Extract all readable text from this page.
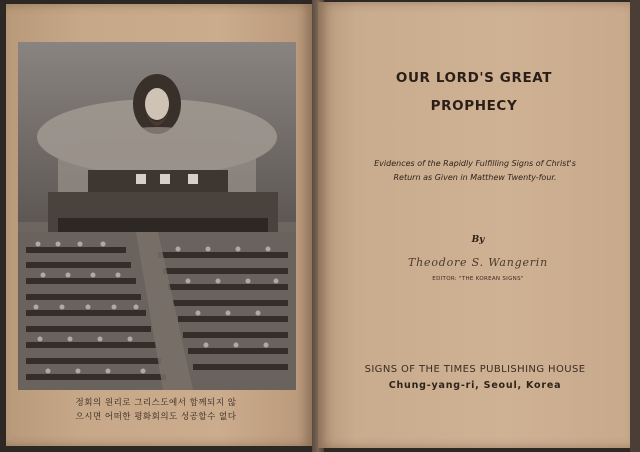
정회의 원리로 그리스도에서 함께되지 않
으시면 어떠한 평화회의도 성공할수 없다
OUR LORD'S GREAT
PROPHECY
Evidences of the Rapidly Fulfilling Signs of Christ's
Return as Given in Matthew Twenty-four.
By
Theodore S. Wangerin
EDITOR: "THE KOREAN SIGNS"
SIGNS OF THE TIMES PUBLISHING HOUSE
Chung-yang-ri, Seoul, Korea
